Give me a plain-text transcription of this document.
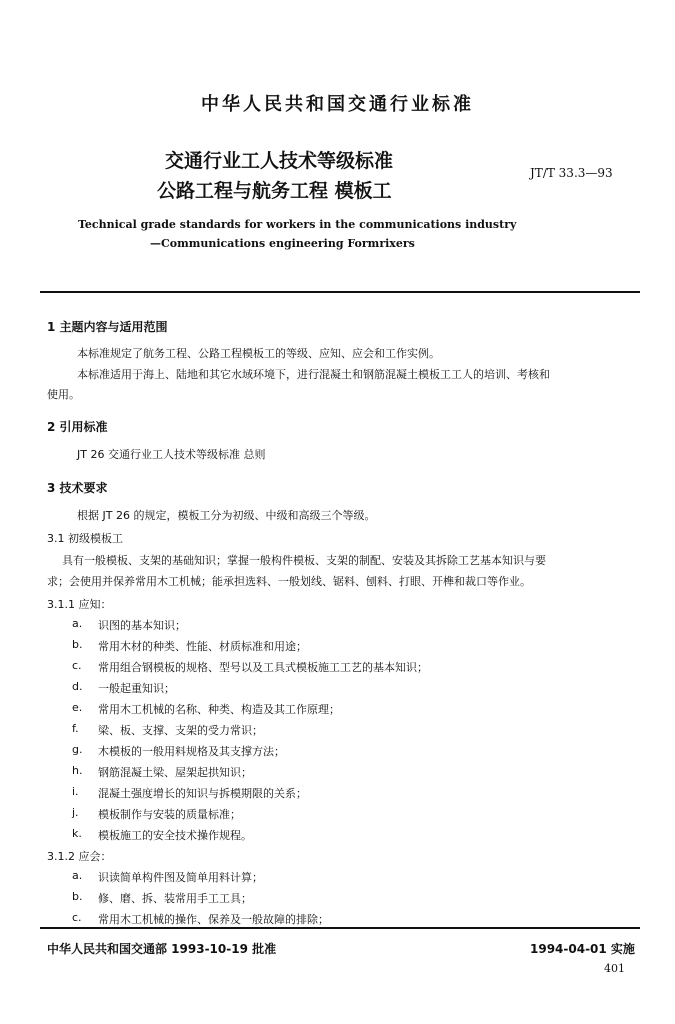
中华人民共和国交通行业标准
交通行业工人技术等级标准
公路工程与航务工程 模板工
JT/T 33.3—93
Technical grade standards for workers in the communications industry
—Communications engineering Formrixers
1 主题内容与适用范围
本标准规定了航务工程、公路工程模板工的等级、应知、应会和工作实例。
本标准适用于海上、陆地和其它水域环境下，进行混凝土和钢筋混凝土模板工工人的培训、考核和
使用。
2 引用标准
JT 26 交通行业工人技术等级标准 总则
3 技术要求
根据 JT 26 的规定，模板工分为初级、中级和高级三个等级。
3.1 初级模板工
具有一般模板、支架的基础知识；掌握一般构件模板、支架的制配、安装及其拆除工艺基本知识与要
求；会使用并保养常用木工机械；能承担选料、一般划线、锯料、刨料、打眼、开榫和裁口等作业。
3.1.1 应知：
a. 识图的基本知识；
b. 常用木材的种类、性能、材质标准和用途；
c. 常用组合钢模板的规格、型号以及工具式模板施工工艺的基本知识；
d. 一般起重知识；
e. 常用木工机械的名称、种类、构造及其工作原理；
f. 梁、板、支撑、支架的受力常识；
g. 木模板的一般用料规格及其支撑方法；
h. 钢筋混凝土梁、屋架起拱知识；
i. 混凝土强度增长的知识与拆模期限的关系；
j. 模板制作与安装的质量标准；
k. 模板施工的安全技术操作规程。
3.1.2 应会：
a. 识读简单构件图及简单用料计算；
b. 修、磨、拆、装常用手工工具；
c. 常用木工机械的操作、保养及一般故障的排除；
中华人民共和国交通部 1993-10-19 批准	1994-04-01 实施
401
